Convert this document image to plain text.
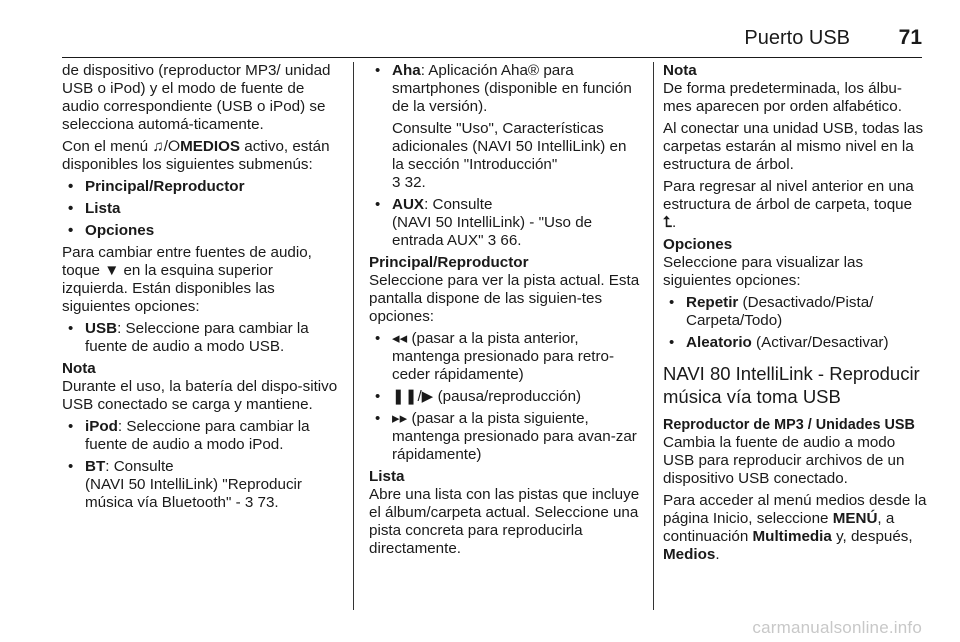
Puerto USB 71

de dispositivo (reproductor MP3/ unidad USB o iPod) y el modo de fuente de audio correspondiente (USB o iPod) se selecciona automá-ticamente.

Con el menú ♫/⭘MEDIOS activo, están disponibles los siguientes submenús:

• Principal/Reproductor
• Lista
• Opciones

Para cambiar entre fuentes de audio, toque ▼ en la esquina superior izquierda. Están disponibles las siguientes opciones:

• USB: Seleccione para cambiar la fuente de audio a modo USB.

Nota
Durante el uso, la batería del dispo-sitivo USB conectado se carga y mantiene.

• iPod: Seleccione para cambiar la fuente de audio a modo iPod.
• BT: Consulte
(NAVI 50 IntelliLink) "Reproducir música vía Bluetooth" - 3 73.
• Aha: Aplicación Aha® para smartphones (disponible en función de la versión).
Consulte "Uso", Características adicionales (NAVI 50 IntelliLink) en la sección "Introducción"
3 32.
• AUX: Consulte
(NAVI 50 IntelliLink) - "Uso de entrada AUX" 3 66.

Principal/Reproductor
Seleccione para ver la pista actual. Esta pantalla dispone de las siguien-tes opciones:

• ◂◂ (pasar a la pista anterior, mantenga presionado para retro-ceder rápidamente)
• ❚❚/▶ (pausa/reproducción)
• ▸▸ (pasar a la pista siguiente, mantenga presionado para avan-zar rápidamente)

Lista
Abre una lista con las pistas que incluye el álbum/carpeta actual. Seleccione una pista concreta para reproducirla directamente.

Nota
De forma predeterminada, los álbu-mes aparecen por orden alfabético.

Al conectar una unidad USB, todas las carpetas estarán al mismo nivel en la estructura de árbol.

Para regresar al nivel anterior en una estructura de árbol de carpeta, toque
⮤.

Opciones
Seleccione para visualizar las siguientes opciones:

• Repetir (Desactivado/Pista/ Carpeta/Todo)
• Aleatorio (Activar/Desactivar)
NAVI 80 IntelliLink - Reproducir música vía toma USB

Reproductor de MP3 / Unidades USB
Cambia la fuente de audio a modo USB para reproducir archivos de un dispositivo USB conectado.

Para acceder al menú medios desde la página Inicio, seleccione MENÚ, a continuación Multimedia y, después, Medios.

carmanualsonline.info
